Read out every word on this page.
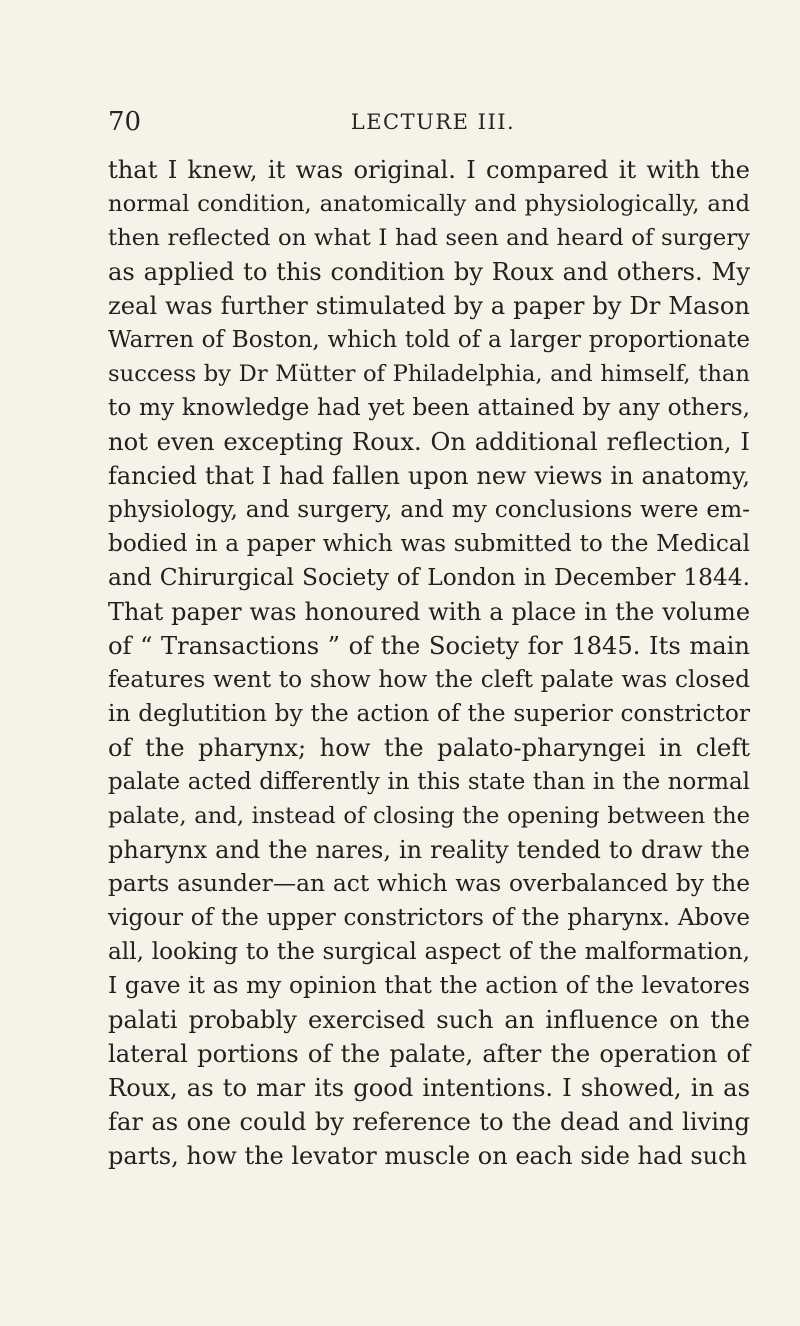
70	LECTURE III.
that I knew, it was original. I compared it with the
normal condition, anatomically and physiologically, and
then reflected on what I had seen and heard of surgery
as applied to this condition by Roux and others. My
zeal was further stimulated by a paper by Dr Mason
Warren of Boston, which told of a larger proportionate
success by Dr Mütter of Philadelphia, and himself, than
to my knowledge had yet been attained by any others,
not even excepting Roux. On additional reflection, I
fancied that I had fallen upon new views in anatomy,
physiology, and surgery, and my conclusions were em-
bodied in a paper which was submitted to the Medical
and Chirurgical Society of London in December 1844.
That paper was honoured with a place in the volume
of “ Transactions ” of the Society for 1845. Its main
features went to show how the cleft palate was closed
in deglutition by the action of the superior constrictor
of the pharynx; how the palato-pharyngei in cleft
palate acted differently in this state than in the normal
palate, and, instead of closing the opening between the
pharynx and the nares, in reality tended to draw the
parts asunder—an act which was overbalanced by the
vigour of the upper constrictors of the pharynx. Above
all, looking to the surgical aspect of the malformation,
I gave it as my opinion that the action of the levatores
palati probably exercised such an influence on the
lateral portions of the palate, after the operation of
Roux, as to mar its good intentions. I showed, in as
far as one could by reference to the dead and living
parts, how the levator muscle on each side had such
